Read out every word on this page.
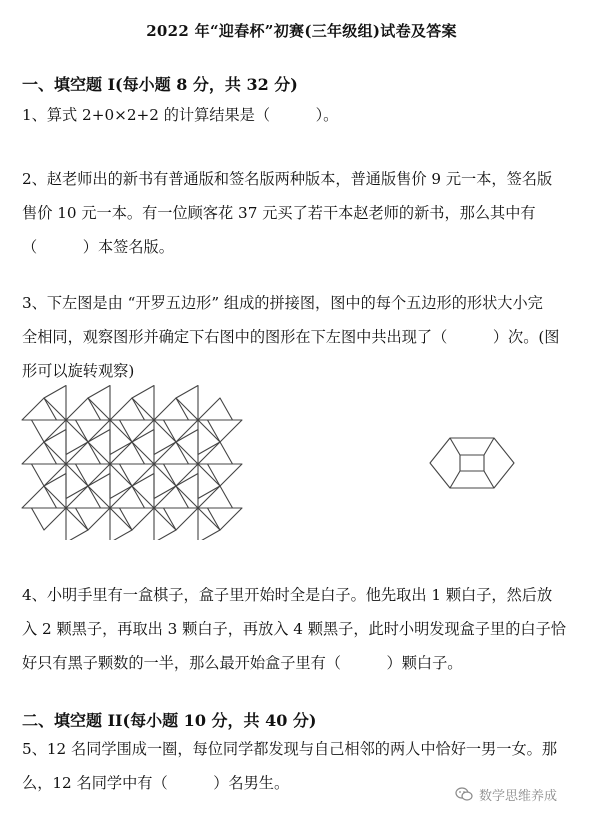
2022 年“迎春杯”初赛(三年级组)试卷及答案
一、填空题 I(每小题 8 分，共 32 分)
1、算式 2+0×2+2 的计算结果是（　　　）。
2、赵老师出的新书有普通版和签名版两种版本，普通版售价 9 元一本，签名版
售价 10 元一本。有一位顾客花 37 元买了若干本赵老师的新书，那么其中有
（　　　）本签名版。
3、下左图是由 “开罗五边形” 组成的拼接图，图中的每个五边形的形状大小完
全相同，观察图形并确定下右图中的图形在下左图中共出现了（　　　）次。(图
形可以旋转观察)
4、小明手里有一盒棋子，盒子里开始时全是白子。他先取出 1 颗白子，然后放
入 2 颗黑子，再取出 3 颗白子，再放入 4 颗黑子，此时小明发现盒子里的白子恰
好只有黑子颗数的一半，那么最开始盒子里有（　　　）颗白子。
二、填空题 II(每小题 10 分，共 40 分)
5、12 名同学围成一圈，每位同学都发现与自己相邻的两人中恰好一男一女。那
么，12 名同学中有（　　　）名男生。
数学思维养成
